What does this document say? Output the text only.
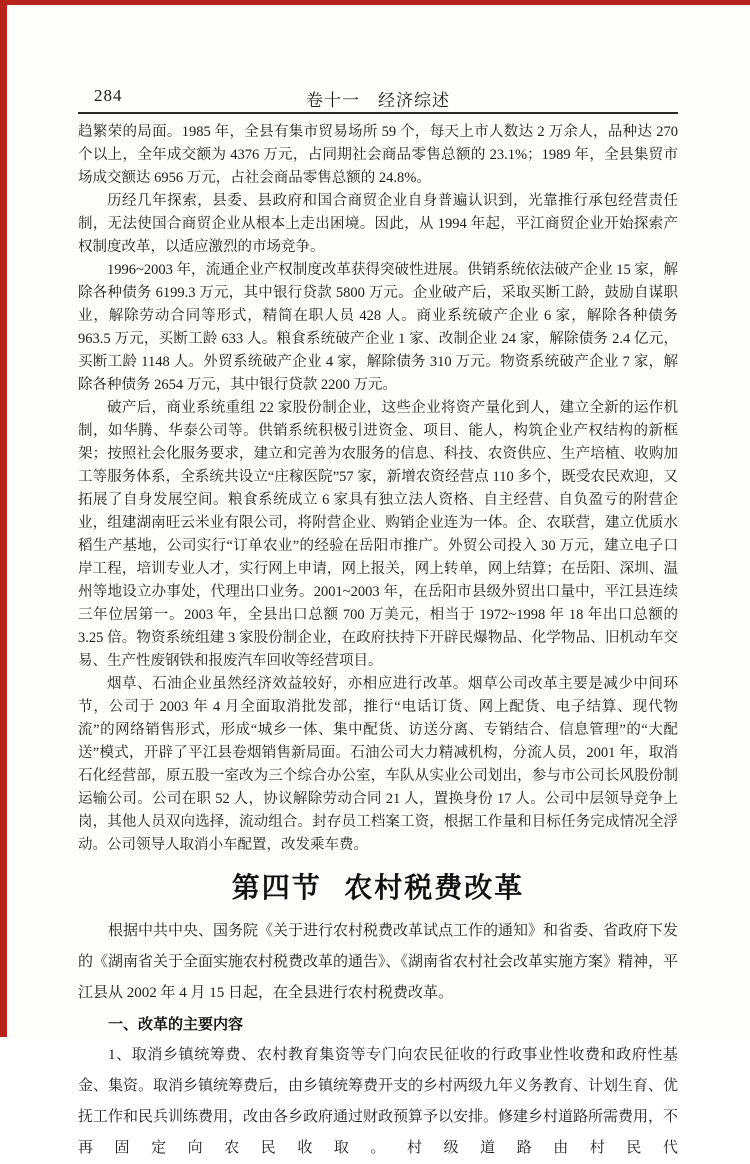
284	卷十一　经济综述

趋繁荣的局面。1985 年，全县有集市贸易场所 59 个，每天上市人数达 2 万余人，品种达 270 个以上，全年成交额为 4376 万元，占同期社会商品零售总额的 23.1%；1989 年，全县集贸市场成交额达 6956 万元，占社会商品零售总额的 24.8%。

历经几年探索，县委、县政府和国合商贸企业自身普遍认识到，光靠推行承包经营责任制，无法使国合商贸企业从根本上走出困境。因此，从 1994 年起，平江商贸企业开始探索产权制度改革，以适应激烈的市场竞争。

1996~2003 年，流通企业产权制度改革获得突破性进展。供销系统依法破产企业 15 家，解除各种债务 6199.3 万元，其中银行贷款 5800 万元。企业破产后，采取买断工龄，鼓励自谋职业，解除劳动合同等形式，精简在职人员 428 人。商业系统破产企业 6 家，解除各种债务 963.5 万元，买断工龄 633 人。粮食系统破产企业 1 家、改制企业 24 家，解除债务 2.4 亿元，买断工龄 1148 人。外贸系统破产企业 4 家，解除债务 310 万元。物资系统破产企业 7 家，解除各种债务 2654 万元，其中银行贷款 2200 万元。

破产后，商业系统重组 22 家股份制企业，这些企业将资产量化到人，建立全新的运作机制，如华腾、华泰公司等。供销系统积极引进资金、项目、能人，构筑企业产权结构的新框架；按照社会化服务要求，建立和完善为农服务的信息、科技、农资供应、生产培植、收购加工等服务体系，全系统共设立“庄稼医院”57 家，新增农资经营点 110 多个，既受农民欢迎，又拓展了自身发展空间。粮食系统成立 6 家具有独立法人资格、自主经营、自负盈亏的附营企业，组建湖南旺云米业有限公司，将附营企业、购销企业连为一体。企、农联营，建立优质水稻生产基地，公司实行“订单农业”的经验在岳阳市推广。外贸公司投入 30 万元，建立电子口岸工程，培训专业人才，实行网上申请，网上报关，网上转单，网上结算；在岳阳、深圳、温州等地设立办事处，代理出口业务。2001~2003 年，在岳阳市县级外贸出口量中，平江县连续三年位居第一。2003 年，全县出口总额 700 万美元，相当于 1972~1998 年 18 年出口总额的 3.25 倍。物资系统组建 3 家股份制企业，在政府扶持下开辟民爆物品、化学物品、旧机动车交易、生产性废钢铁和报废汽车回收等经营项目。

烟草、石油企业虽然经济效益较好，亦相应进行改革。烟草公司改革主要是减少中间环节，公司于 2003 年 4 月全面取消批发部，推行“电话订货、网上配货、电子结算、现代物流”的网络销售形式，形成“城乡一体、集中配货、访送分离、专销结合、信息管理”的“大配送”模式，开辟了平江县卷烟销售新局面。石油公司大力精减机构，分流人员，2001 年，取消石化经营部，原五股一室改为三个综合办公室，车队从实业公司划出，参与市公司长风股份制运输公司。公司在职 52 人，协议解除劳动合同 21 人，置换身份 17 人。公司中层领导竞争上岗，其他人员双向选择，流动组合。封存员工档案工资，根据工作量和目标任务完成情况全浮动。公司领导人取消小车配置，改发乘车费。

第四节 农村税费改革

根据中共中央、国务院《关于进行农村税费改革试点工作的通知》和省委、省政府下发的《湖南省关于全面实施农村税费改革的通告》、《湖南省农村社会改革实施方案》精神，平江县从 2002 年 4 月 15 日起，在全县进行农村税费改革。

一、改革的主要内容

1、取消乡镇统筹费、农村教育集资等专门向农民征收的行政事业性收费和政府性基金、集资。取消乡镇统筹费后，由乡镇统筹费开支的乡村两级九年义务教育、计划生育、优抚工作和民兵训练费用，改由各乡政府通过财政预算予以安排。修建乡村道路所需费用，不再固定向农民收取。村级道路由村民代
